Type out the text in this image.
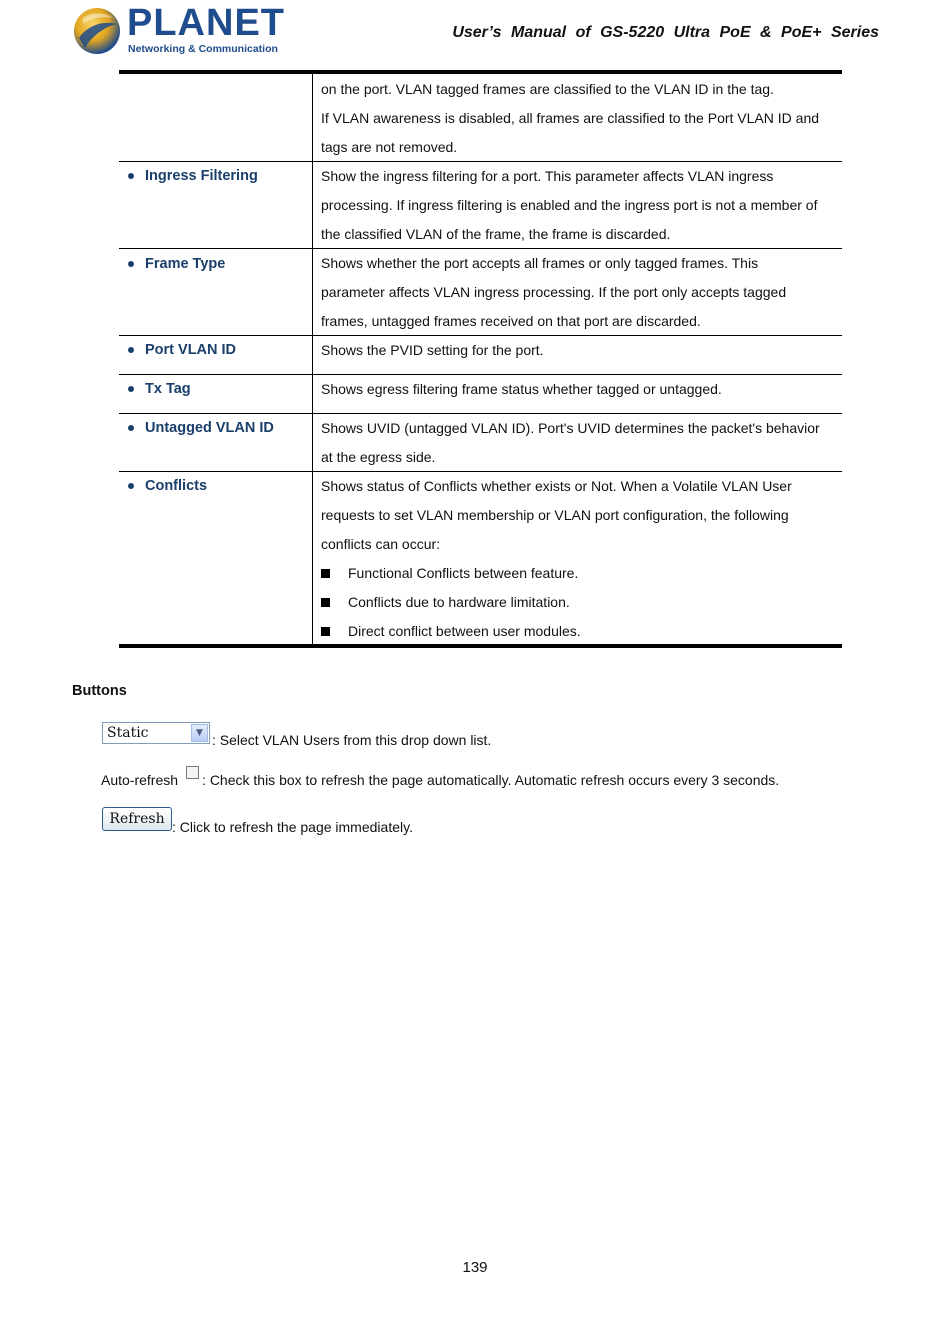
PLANET
Networking & Communication
User’s Manual of GS-5220 Ultra PoE & PoE+ Series
on the port. VLAN tagged frames are classified to the VLAN ID in the tag.
If VLAN awareness is disabled, all frames are classified to the Port VLAN ID and
tags are not removed.
Ingress Filtering	Show the ingress filtering for a port. This parameter affects VLAN ingress
processing. If ingress filtering is enabled and the ingress port is not a member of
the classified VLAN of the frame, the frame is discarded.
Frame Type	Shows whether the port accepts all frames or only tagged frames. This
parameter affects VLAN ingress processing. If the port only accepts tagged
frames, untagged frames received on that port are discarded.
Port VLAN ID	Shows the PVID setting for the port.
Tx Tag	Shows egress filtering frame status whether tagged or untagged.
Untagged VLAN ID	Shows UVID (untagged VLAN ID). Port's UVID determines the packet's behavior
at the egress side.
Conflicts	Shows status of Conflicts whether exists or Not. When a Volatile VLAN User
requests to set VLAN membership or VLAN port configuration, the following
conflicts can occur:
Functional Conflicts between feature.
Conflicts due to hardware limitation.
Direct conflict between user modules.
Buttons
Static	▼ : Select VLAN Users from this drop down list.
Auto-refresh : Check this box to refresh the page automatically. Automatic refresh occurs every 3 seconds.
Refresh : Click to refresh the page immediately.
139
